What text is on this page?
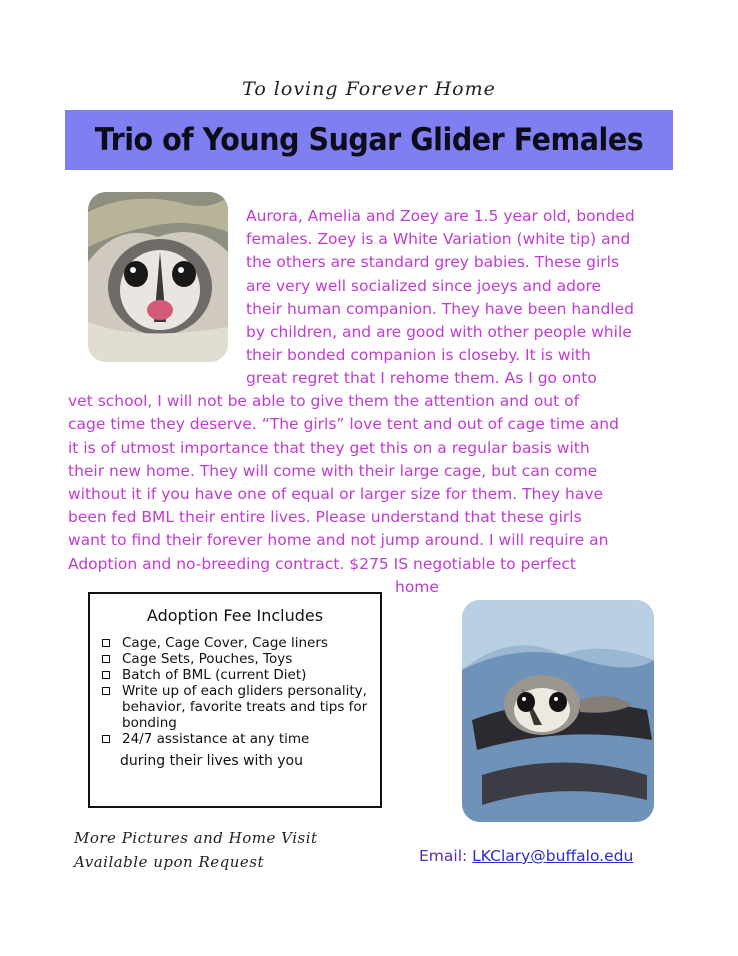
To loving Forever Home
Trio of Young Sugar Glider Females
Aurora, Amelia and Zoey are 1.5 year old, bonded
females. Zoey is a White Variation (white tip) and
the others are standard grey babies. These girls
are very well socialized since joeys and adore
their human companion. They have been handled
by children, and are good with other people while
their bonded companion is closeby. It is with
great regret that I rehome them. As I go onto
vet school, I will not be able to give them the attention and out of
cage time they deserve. “The girls” love tent and out of cage time and
it is of utmost importance that they get this on a regular basis with
their new home. They will come with their large cage, but can come
without it if you have one of equal or larger size for them. They have
been fed BML their entire lives. Please understand that these girls
want to find their forever home and not jump around. I will require an
Adoption and no-breeding contract. $275 IS negotiable to perfect
home
Adoption Fee Includes
Cage, Cage Cover, Cage liners
Cage Sets, Pouches, Toys
Batch of BML (current Diet)
Write up of each gliders personality, behavior, favorite treats and tips for bonding
24/7 assistance at any time
during their lives with you
More Pictures and Home Visit
Available upon Request	Email: LKClary@buffalo.edu
